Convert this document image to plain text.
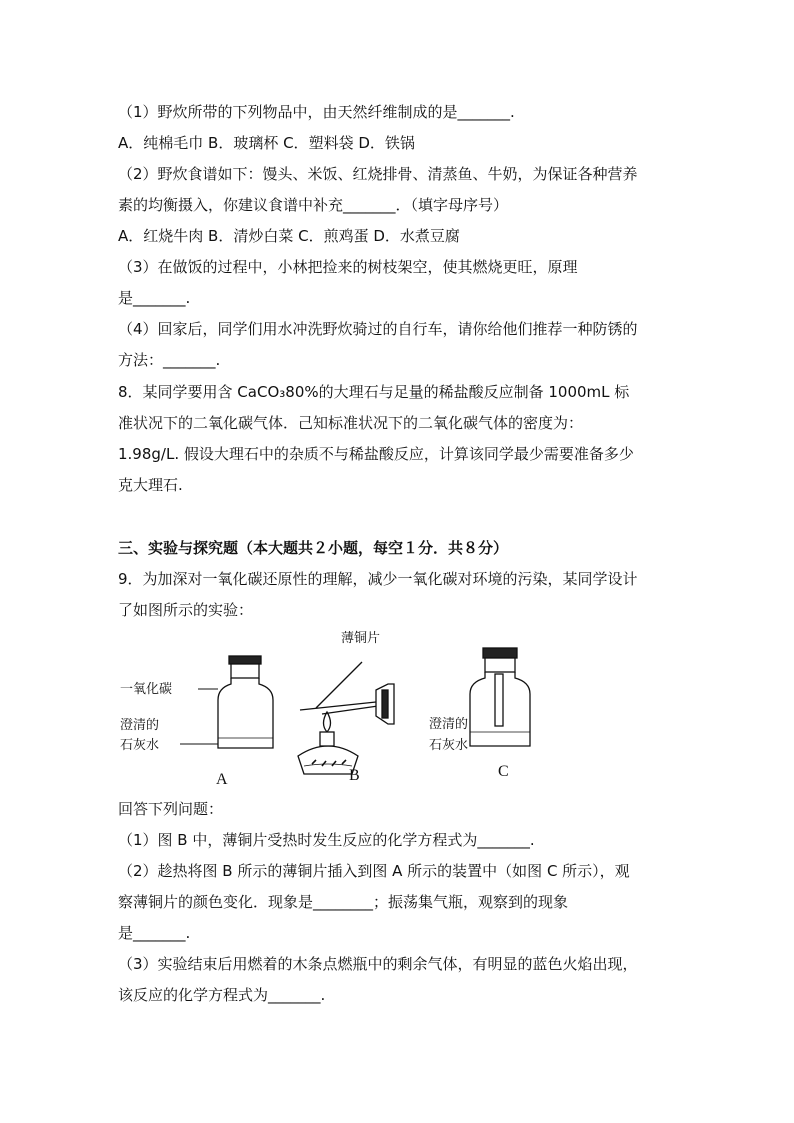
（1）野炊所带的下列物品中，由天然纤维制成的是_______.
A．纯棉毛巾 B．玻璃杯 C．塑料袋 D．铁锅
（2）野炊食谱如下：馒头、米饭、红烧排骨、清蒸鱼、牛奶，为保证各种营养
素的均衡摄入，你建议食谱中补充_______．（填字母序号）
A．红烧牛肉 B．清炒白菜 C．煎鸡蛋 D．水煮豆腐
（3）在做饭的过程中，小林把捡来的树枝架空，使其燃烧更旺，原理
是_______.
（4）回家后，同学们用水冲洗野炊骑过的自行车，请你给他们推荐一种防锈的
方法：_______.
8．某同学要用含 CaCO₃80%的大理石与足量的稀盐酸反应制备 1000mL 标
准状况下的二氧化碳气体．己知标准状况下的二氧化碳气体的密度为：
1.98g/L. 假设大理石中的杂质不与稀盐酸反应，计算该同学最少需要准备多少
克大理石.
三、实验与探究题（本大题共２小题，每空１分．共８分）
9．为加深对一氧化碳还原性的理解，减少一氧化碳对环境的污染，某同学设计
了如图所示的实验：
一氧化碳
澄清的
石灰水
A
薄铜片
B
澄清的
石灰水
C
回答下列问题：
（1）图 B 中，薄铜片受热时发生反应的化学方程式为_______.
（2）趁热将图 B 所示的薄铜片插入到图 A 所示的装置中（如图 C 所示），观
察薄铜片的颜色变化．现象是________；振荡集气瓶，观察到的现象
是_______.
（3）实验结束后用燃着的木条点燃瓶中的剩余气体，有明显的蓝色火焰出现，
该反应的化学方程式为_______.
